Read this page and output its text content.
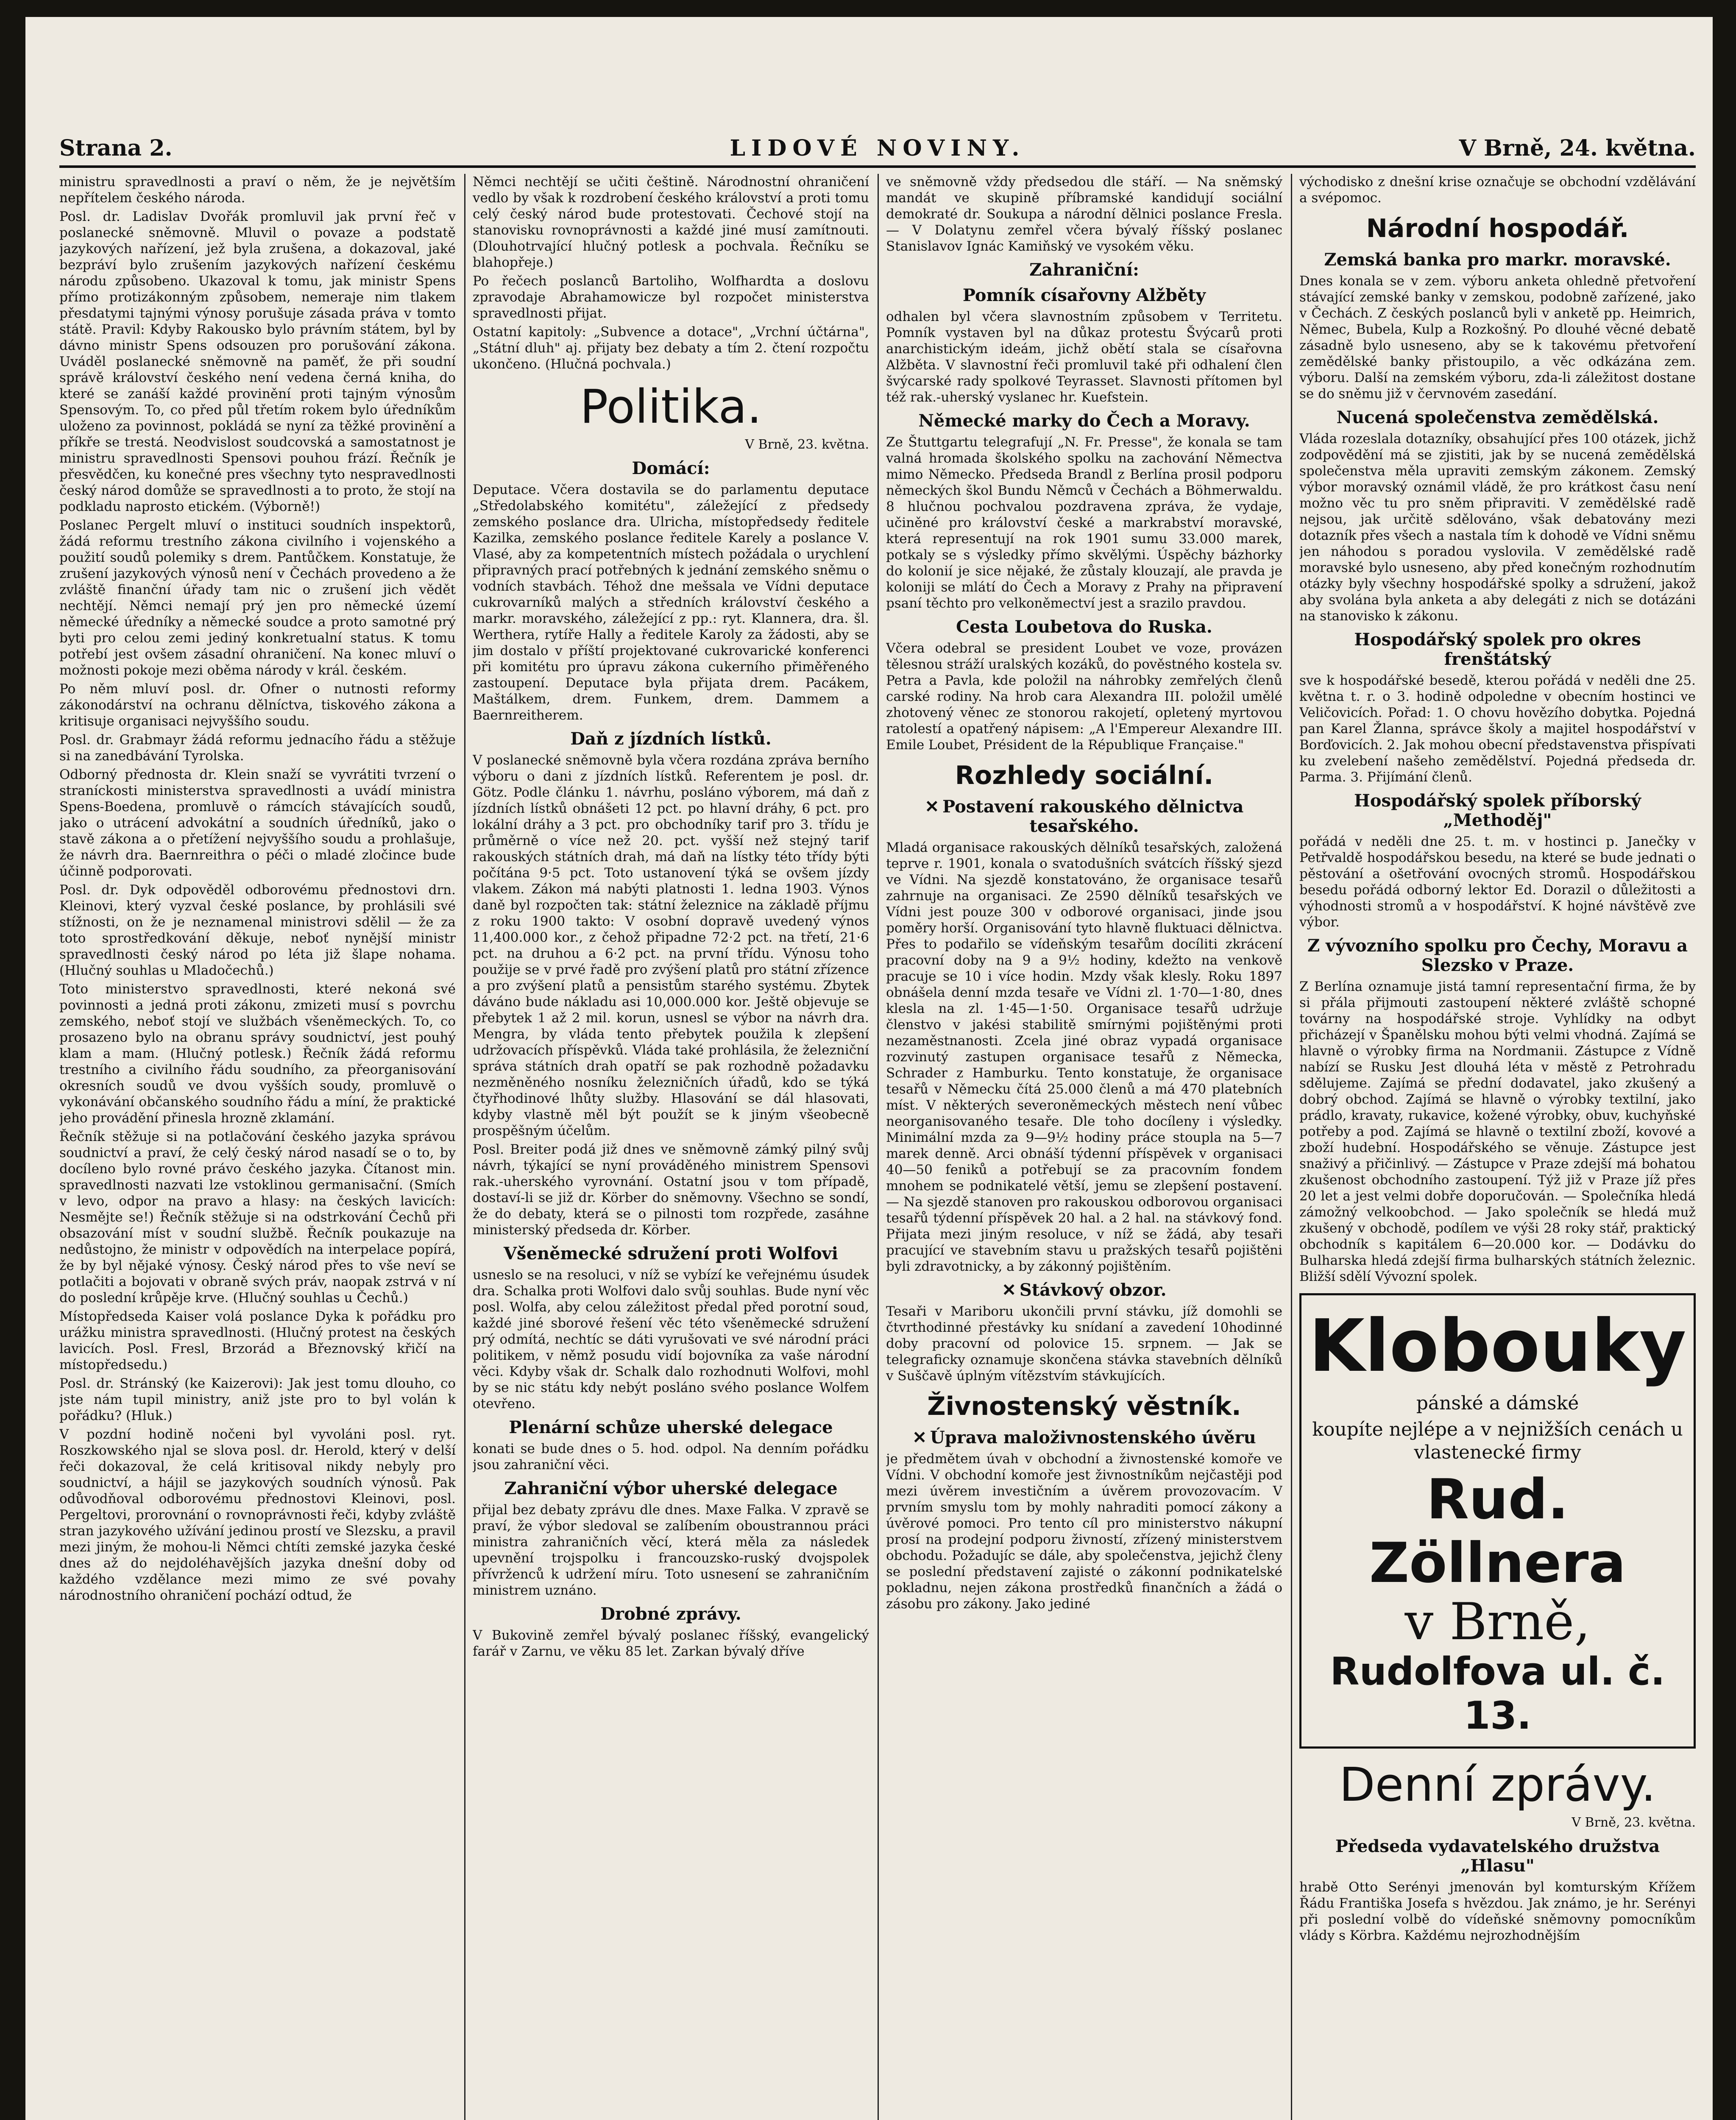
Strana 2.	LIDOVÉ NOVINY.	V Brně, 24. května.

ministru spravedlnosti a praví o něm, že je největším nepřítelem českého národa.

Posl. dr. Ladislav Dvořák promluvil jak první řeč v poslanecké sněmovně. Mluvil o povaze a podstatě jazykových nařízení, jež byla zrušena, a dokazoval, jaké bezpráví bylo zrušením jazykových nařízení českému národu způsobeno. Ukazoval k tomu, jak ministr Spens přímo protizákonným způsobem, nemeraje nim tlakem přesdatymi tajnými výnosy porušuje zásada práva v tomto státě. Pravil: Kdyby Rakousko bylo právním státem, byl by dávno ministr Spens odsouzen pro porušování zákona. Uváděl poslanecké sněmovně na paměť, že při soudní správě království českého není vedena černá kniha, do které se zanáší každé provinění proti tajným výnosům Spensovým. To, co před půl třetím rokem bylo úředníkům uloženo za povinnost, pokládá se nyní za těžké provinění a příkře se trestá. Neodvislost soudcovská a samostatnost je ministru spravedlnosti Spensovi pouhou frází. Řečník je přesvědčen, ku konečné pres všechny tyto nespravedlnosti český národ domůže se spravedlnosti a to proto, že stojí na podkladu naprosto etickém. (Výborně!)

Poslanec Pergelt mluví o instituci soudních inspektorů, žádá reformu trestního zákona civilního i vojenského a použití soudů polemiky s drem. Pantůčkem. Konstatuje, že zrušení jazykových výnosů není v Čechách provedeno a že zvláště finanční úřady tam nic o zrušení jich vědět nechtějí. Němci nemají prý jen pro německé území německé úředníky a německé soudce a proto samotné prý byti pro celou zemi jediný konkretualní status. K tomu potřebí jest ovšem zásadní ohraničení. Na konec mluví o možnosti pokoje mezi oběma národy v král. českém.

Po něm mluví posl. dr. Ofner o nutnosti reformy zákonodárství na ochranu dělníctva, tiskového zákona a kritisuje organisaci nejvyššího soudu.

Posl. dr. Grabmayr žádá reformu jednacího řádu a stěžuje si na zanedbávání Tyrolska.

Odborný přednosta dr. Klein snaží se vyvrátiti tvrzení o straníckosti ministerstva spravedlnosti a uvádí ministra Spens-Boedena, promluvě o rámcích stávajících soudů, jako o utrácení advokátní a soudních úředníků, jako o stavě zákona a o přetížení nejvyššího soudu a prohlašuje, že návrh dra. Baernreithra o péči o mladé zločince bude účinně podporovati.

Posl. dr. Dyk odpověděl odborovému přednostovi drn. Kleinovi, který vyzval české poslance, by prohlásili své stížnosti, on že je neznamenal ministrovi sdělil — že za toto sprostředkování děkuje, neboť nynější ministr spravedlnosti český národ po léta již šlape nohama. (Hlučný souhlas u Mladočechů.)

Toto ministerstvo spravedlnosti, které nekoná své povinnosti a jedná proti zákonu, zmizeti musí s povrchu zemského, neboť stojí ve službách všeněmeckých. To, co prosazeno bylo na obranu správy soudnictví, jest pouhý klam a mam. (Hlučný potlesk.) Řečník žádá reformu trestního a civilního řádu soudního, za přeorganisování okresních soudů ve dvou vyšších soudy, promluvě o vykonávání občanského soudního řádu a míní, že praktické jeho provádění přinesla hrozně zklamání.

Řečník stěžuje si na potlačování českého jazyka správou soudnictví a praví, že celý český národ nasadí se o to, by docíleno bylo rovné právo českého jazyka. Čítanost min. spravedlnosti nazvati lze vstoklinou germanisační. (Smích v levo, odpor na pravo a hlasy: na českých lavicích: Nesmějte se!) Řečník stěžuje si na odstrkování Čechů při obsazování míst v soudní službě. Řečník poukazuje na nedůstojno, že ministr v odpovědích na interpelace popírá, že by byl nějaké výnosy. Český národ přes to vše neví se potlačiti a bojovati v obraně svých práv, naopak zstrvá v ní do poslední krůpěje krve. (Hlučný souhlas u Čechů.)

Místopředseda Kaiser volá poslance Dyka k pořádku pro urážku ministra spravedlnosti. (Hlučný protest na českých lavicích. Posl. Fresl, Brzorád a Březnovský křičí na místopředsedu.)

Posl. dr. Stránský (ke Kaizerovi): Jak jest tomu dlouho, co jste nám tupil ministry, aniž jste pro to byl volán k pořádku? (Hluk.)

V pozdní hodině nočeni byl vyvoláni posl. ryt. Roszkowského njal se slova posl. dr. Herold, který v delší řeči dokazoval, že celá kritisoval nikdy nebyly pro soudnictví, a hájil se jazykových soudních výnosů. Pak odůvodňoval odborovému přednostovi Kleinovi, posl. Pergeltovi, prorovnání o rovnoprávnosti řeči, kdyby zvláště stran jazykového užívání jedinou prostí ve Slezsku, a pravil mezi jiným, že mohou-li Němci chtíti zemské jazyka české dnes až do nejdoléhavějších jazyka dnešní doby od každého vzdělance mezi mimo ze své povahy národnostního ohraničení pochází odtud, že

Němci nechtějí se učiti češtině. Národnostní ohraničení vedlo by však k rozdrobení českého království a proti tomu celý český národ bude protestovati. Čechové stojí na stanovisku rovnoprávnosti a každé jiné musí zamítnouti. (Dlouhotrvající hlučný potlesk a pochvala. Řečníku se blahopřeje.)

Po řečech poslanců Bartoliho, Wolfhardta a doslovu zpravodaje Abrahamowicze byl rozpočet ministerstva spravedlnosti přijat.

Ostatní kapitoly: „Subvence a dotace", „Vrchní účtárna", „Státní dluh" aj. přijaty bez debaty a tím 2. čtení rozpočtu ukončeno. (Hlučná pochvala.)

Politika.

V Brně, 23. května.

Domácí:

Deputace. Včera dostavila se do parlamentu deputace „Středolabského komitétu", záležející z předsedy zemského poslance dra. Ulricha, místopředsedy ředitele Kazilka, zemského poslance ředitele Karely a poslance V. Vlasé, aby za kompetentních místech požádala o urychlení připravných prací potřebných k jednání zemského sněmu o vodních stavbách. Téhož dne mešsala ve Vídni deputace cukrovarníků malých a středních království českého a markr. moravského, záležející z pp.: ryt. Klannera, dra. šl. Werthera, rytíře Hally a ředitele Karoly za žádosti, aby se jim dostalo v příští projektované cukrovarické konferenci při komitétu pro úpravu zákona cukerního přiměřeného zastoupení. Deputace byla přijata drem. Pacákem, Maštálkem, drem. Funkem, drem. Dammem a Baernreitherem.

Daň z jízdních lístků.

V poslanecké sněmovně byla včera rozdána zpráva berního výboru o dani z jízdních lístků. Referentem je posl. dr. Götz. Podle článku 1. návrhu, posláno výborem, má daň z jízdních lístků obnášeti 12 pct. po hlavní dráhy, 6 pct. pro lokální dráhy a 3 pct. pro obchodníky tarif pro 3. třídu je průměrně o více než 20. pct. vyšší než stejný tarif rakouských státních drah, má daň na lístky této třídy býti počítána 9·5 pct. Toto ustanovení týká se ovšem jízdy vlakem. Zákon má nabýti platnosti 1. ledna 1903. Výnos daně byl rozpočten tak: státní železnice na základě příjmu z roku 1900 takto: V osobní dopravě uvedený výnos 11,400.000 kor., z čehož připadne 72·2 pct. na třetí, 21·6 pct. na druhou a 6·2 pct. na první třídu. Výnosu toho použije se v prvé řadě pro zvýšení platů pro státní zřízence a pro zvýšení platů a pensistům starého systému. Zbytek dáváno bude nákladu asi 10,000.000 kor. Ještě objevuje se přebytek 1 až 2 mil. korun, usnesl se výbor na návrh dra. Mengra, by vláda tento přebytek použila k zlepšení udržovacích příspěvků. Vláda také prohlásila, že železniční správa státních drah opatří se pak rozhodně požadavku nezměněného nosníku železničních úřadů, kdo se týká čtyřhodinové lhůty služby. Hlasování se dál hlasovati, kdyby vlastně měl být použít se k jiným všeobecně prospěšným účelům.

Posl. Breiter podá již dnes ve sněmovně zámký pilný svůj návrh, týkající se nyní prováděného ministrem Spensovi rak.-uherského vyrovnání. Ostatní jsou v tom případě, dostaví-li se již dr. Körber do sněmovny. Všechno se sondí, že do debaty, která se o pilnosti tom rozpřede, zasáhne ministerský předseda dr. Körber.

Všeněmecké sdružení proti Wolfovi

usneslo se na resoluci, v níž se vybízí ke veřejnému úsudek dra. Schalka proti Wolfovi dalo svůj souhlas. Bude nyní věc posl. Wolfa, aby celou záležitost předal před porotní soud, každé jiné sborové řešení věc této všeněmecké sdružení prý odmítá, nechtíc se dáti vyrušovati ve své národní práci politikem, v němž posudu vidí bojovníka za vaše národní věci. Kdyby však dr. Schalk dalo rozhodnuti Wolfovi, mohl by se nic státu kdy nebýt posláno svého poslance Wolfem otevřeno.

Plenární schůze uherské delegace

konati se bude dnes o 5. hod. odpol. Na denním pořádku jsou zahraniční věci.

Zahraniční výbor uherské delegace

přijal bez debaty zprávu dle dnes. Maxe Falka. V zpravě se praví, že výbor sledoval se zalíbením oboustrannou práci ministra zahraničních věcí, která měla za následek upevnění trojspolku i francouzsko-ruský dvojspolek přívrženců k udržení míru. Toto usnesení se zahraničním ministrem uznáno.

Drobné zprávy.

V Bukovině zemřel bývalý poslanec říšský, evangelický farář v Zarnu, ve věku 85 let. Zarkan bývalý dříve

ve sněmovně vždy předsedou dle stáří. — Na sněmský mandát ve skupině příbramské kandidují sociální demokraté dr. Soukupa a národní dělnici poslance Fresla. — V Dolatynu zemřel včera bývalý říšský poslanec Stanislavov Ignác Kamiňský ve vysokém věku.

Zahraniční:
Pomník císařovny Alžběty

odhalen byl včera slavnostním způsobem v Territetu. Pomník vystaven byl na důkaz protestu Švýcarů proti anarchistickým ideám, jichž obětí stala se císařovna Alžběta. V slavnostní řeči promluvil také při odhalení člen švýcarské rady spolkové Teyrasset. Slavnosti přítomen byl též rak.-uherský vyslanec hr. Kuefstein.

Německé marky do Čech a Moravy.

Ze Štuttgartu telegrafují „N. Fr. Presse", že konala se tam valná hromada školského spolku na zachování Němectva mimo Německo. Předseda Brandl z Berlína prosil podporu německých škol Bundu Němců v Čechách a Böhmerwaldu. 8 hlučnou pochvalou pozdravena zpráva, že vydaje, učiněné pro království české a markrabství moravské, která representují na rok 1901 sumu 33.000 marek, potkaly se s výsledky přímo skvělými. Úspěchy bázhorky do kolonií je sice nějaké, že zůstaly klouzají, ale pravda je koloniji se mlátí do Čech a Moravy z Prahy na připravení psaní těchto pro velkoněmectví jest a srazilo pravdou.

Cesta Loubetova do Ruska.

Včera odebral se president Loubet ve voze, provázen tělesnou stráží uralských kozáků, do pověstného kostela sv. Petra a Pavla, kde položil na náhrobky zemřelých členů carské rodiny. Na hrob cara Alexandra III. položil umělé zhotovený věnec ze stonorou rakojetí, opletený myrtovou ratolestí a opatřený nápisem: „A l'Empereur Alexandre III. Emile Loubet, Président de la République Française."

Rozhledy sociální.
✕ Postavení rakouského dělnictva tesařského.

Mladá organisace rakouských dělníků tesařských, založená teprve r. 1901, konala o svatodušních svátcích říšský sjezd ve Vídni. Na sjezdě konstatováno, že organisace tesařů zahrnuje na organisaci. Ze 2590 dělníků tesařských ve Vídni jest pouze 300 v odborové organisaci, jinde jsou poměry horší. Organisování tyto hlavně fluktuaci dělnictva. Přes to podařilo se vídeňským tesařům docíliti zkrácení pracovní doby na 9 a 9½ hodiny, kdežto na venkově pracuje se 10 i více hodin. Mzdy však klesly. Roku 1897 obnášela denní mzda tesaře ve Vídni zl. 1·70—1·80, dnes klesla na zl. 1·45—1·50. Organisace tesařů udržuje členstvo v jakési stabilitě smírnými pojištěnými proti nezaměstnanosti. Zcela jiné obraz vypadá organisace rozvinutý zastupen organisace tesařů z Německa, Schrader z Hamburku. Tento konstatuje, že organisace tesařů v Německu čítá 25.000 členů a má 470 platebních míst. V některých severoněmeckých městech není vůbec neorganisovaného tesaře. Dle toho docíleny i výsledky. Minimální mzda za 9—9½ hodiny práce stoupla na 5—7 marek denně. Arci obnáší týdenní příspěvek v organisaci 40—50 feniků a potřebují se za pracovním fondem mnohem se podnikatelé větší, jemu se zlepšení postavení. — Na sjezdě stanoven pro rakouskou odborovou organisaci tesařů týdenní příspěvek 20 hal. a 2 hal. na stávkový fond. Přijata mezi jiným resoluce, v níž se žádá, aby tesaři pracující ve stavebním stavu u pražských tesařů pojištěni byli zdravotnicky, a by zákonný pojištěním.

✕ Stávkový obzor.

Tesaři v Mariboru ukončili první stávku, jíž domohli se čtvrthodinné přestávky ku snídaní a zavedení 10hodinné doby pracovní od polovice 15. srpnem. — Jak se telegraficky oznamuje skončena stávka stavebních dělníků v Suščavě úplným vítězstvím stávkujících.

Živnostenský věstník.
✕ Úprava maloživnostenského úvěru

je předmětem úvah v obchodní a živnostenské komoře ve Vídni. V obchodní komoře jest živnostníkům nejčastěji pod mezi úvěrem investičním a úvěrem provozovacím. V prvním smyslu tom by mohly nahraditi pomocí zákony a úvěrové pomoci. Pro tento cíl pro ministerstvo nákupní prosí na prodejní podporu živností, zřízený ministerstvem obchodu. Požadujíc se dále, aby společenstva, jejichž členy se poslední představení zajisté o zákonní podnikatelské pokladnu, nejen zákona prostředků finančních a žádá o zásobu pro zákony. Jako jediné

východisko z dnešní krise označuje se obchodní vzdělávání a svépomoc.

Národní hospodář.
Zemská banka pro markr. moravské.

Dnes konala se v zem. výboru anketa ohledně přetvoření stávající zemské banky v zemskou, podobně zařízené, jako v Čechách. Z českých poslanců byli v anketě pp. Heimrich, Němec, Bubela, Kulp a Rozkošný. Po dlouhé věcné debatě zásadně bylo usneseno, aby se k takovému přetvoření zemědělské banky přistoupilo, a věc odkázána zem. výboru. Další na zemském výboru, zda-li záležitost dostane se do sněmu již v červnovém zasedání.

Nucená společenstva zemědělská.

Vláda rozeslala dotazníky, obsahující přes 100 otázek, jichž zodpovědění má se zjistiti, jak by se nucená zemědělská společenstva měla upraviti zemským zákonem. Zemský výbor moravský oznámil vládě, že pro krátkost času není možno věc tu pro sněm připraviti. V zemědělské radě nejsou, jak určitě sdělováno, však debatovány mezi dotazník přes všech a nastala tím k dohodě ve Vídni sněmu jen náhodou s poradou vyslovila. V zemědělské radě moravské bylo usneseno, aby před konečným rozhodnutím otázky byly všechny hospodářské spolky a sdružení, jakož aby svolána byla anketa a aby delegáti z nich se dotázáni na stanovisko k zákonu.

Hospodářský spolek pro okres frenštátský

sve k hospodářské besedě, kterou pořádá v neděli dne 25. května t. r. o 3. hodině odpoledne v obecním hostinci ve Veličovicích. Pořad: 1. O chovu hovězího dobytka. Pojedná pan Karel Žlanna, správce školy a majitel hospodářství v Borďovicích. 2. Jak mohou obecní představenstva přispívati ku zvelebení našeho zemědělství. Pojedná předseda dr. Parma. 3. Přijímání členů.

Hospodářský spolek příborský „Methoděj"

pořádá v neděli dne 25. t. m. v hostinci p. Janečky v Petřvaldě hospodářskou besedu, na které se bude jednati o pěstování a ošetřování ovocných stromů. Hospodářskou besedu pořádá odborný lektor Ed. Dorazil o důležitosti a výhodnosti stromů a v hospodářství. K hojné návštěvě zve výbor.

Z vývozního spolku pro Čechy, Moravu a Slezsko v Praze.

Z Berlína oznamuje jistá tamní representační firma, že by si přála přijmouti zastoupení některé zvláště schopné továrny na hospodářské stroje. Vyhlídky na odbyt přicházejí v Španělsku mohou býti velmi vhodná. Zajímá se hlavně o výrobky firma na Nordmanii. Zástupce z Vídně nabízí se Rusku Jest dlouhá léta v městě z Petrohradu sdělujeme. Zajímá se přední dodavatel, jako zkušený a dobrý obchod. Zajímá se hlavně o výrobky textilní, jako prádlo, kravaty, rukavice, kožené výrobky, obuv, kuchyňské potřeby a pod. Zajímá se hlavně o textilní zboží, kovové a zboží hudební. Hospodářského se věnuje. Zástupce jest snaživý a přičinlivý. — Zástupce v Praze zdejší má bohatou zkušenost obchodního zastoupení. Týž již v Praze jíž přes 20 let a jest velmi dobře doporučován. — Společníka hledá zámožný velkoobchod. — Jako společník se hledá muž zkušený v obchodě, podílem ve výši 28 roky stář, praktický obchodník s kapitálem 6—20.000 kor. — Dodávku do Bulharska hledá zdejší firma bulharských státních železnic. Bližší sdělí Vývozní spolek.

Klobouky
pánské a dámské
koupíte nejlépe a v nejnižších cenách u vlastenecké firmy
Rud. Zöllnera
v Brně,
Rudolfova ul. č. 13.
Denní zprávy.

V Brně, 23. května.

Předseda vydavatelského družstva „Hlasu"

hrabě Otto Serényi jmenován byl komturským Křížem Řádu Františka Josefa s hvězdou. Jak známo, je hr. Serényi při poslední volbě do vídeňské sněmovny pomocníkům vlády s Körbra. Každému nejrozhodnějším
